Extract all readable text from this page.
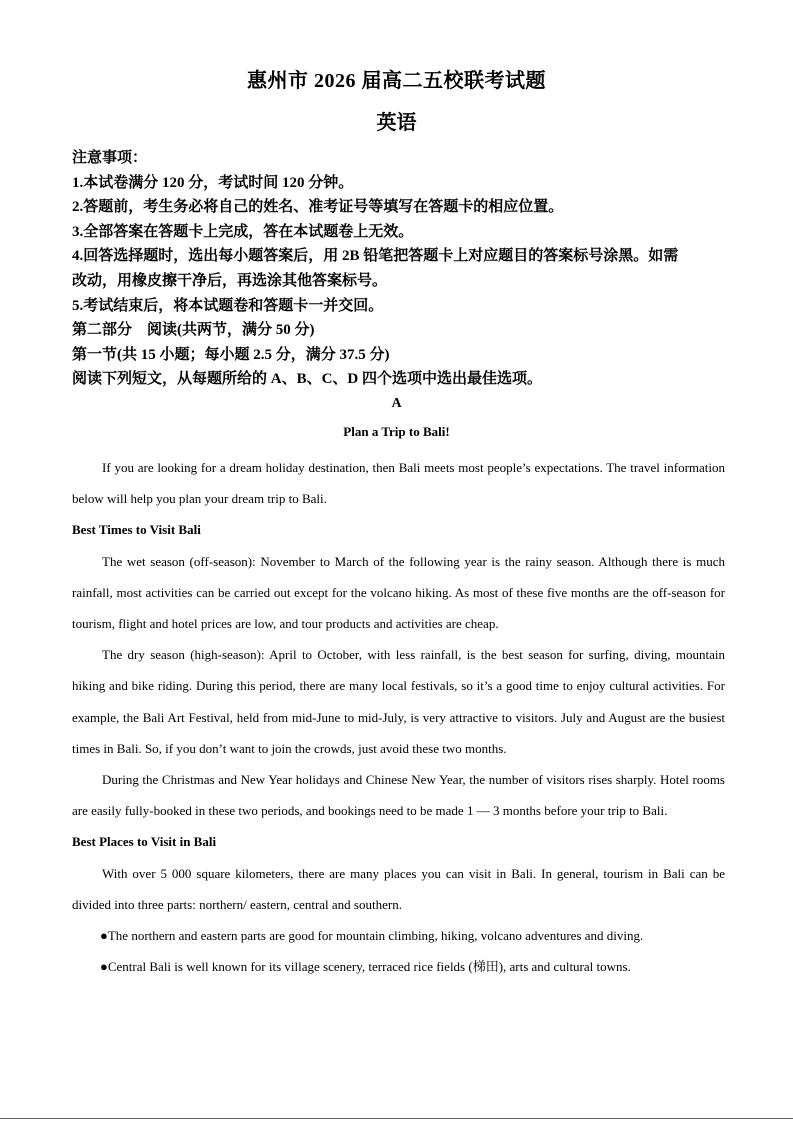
惠州市 2026 届高二五校联考试题
英语
注意事项：
1.本试卷满分 120 分，考试时间 120 分钟。
2.答题前，考生务必将自己的姓名、准考证号等填写在答题卡的相应位置。
3.全部答案在答题卡上完成，答在本试题卷上无效。
4.回答选择题时，选出每小题答案后，用 2B 铅笔把答题卡上对应题目的答案标号涂黑。如需
改动，用橡皮擦干净后，再选涂其他答案标号。
5.考试结束后，将本试题卷和答题卡一并交回。
第二部分　阅读(共两节，满分 50 分)
第一节(共 15 小题；每小题 2.5 分，满分 37.5 分)
阅读下列短文，从每题所给的 A、B、C、D 四个选项中选出最佳选项。
A
Plan a Trip to Bali!

If you are looking for a dream holiday destination, then Bali meets most people’s expectations. The travel information below will help you plan your dream trip to Bali.

Best Times to Visit Bali

The wet season (off-season): November to March of the following year is the rainy season. Although there is much rainfall, most activities can be carried out except for the volcano hiking. As most of these five months are the off-season for tourism, flight and hotel prices are low, and tour products and activities are cheap.

The dry season (high-season): April to October, with less rainfall, is the best season for surfing, diving, mountain hiking and bike riding. During this period, there are many local festivals, so it’s a good time to enjoy cultural activities. For example, the Bali Art Festival, held from mid-June to mid-July, is very attractive to visitors. July and August are the busiest times in Bali. So, if you don’t want to join the crowds, just avoid these two months.

During the Christmas and New Year holidays and Chinese New Year, the number of visitors rises sharply. Hotel rooms are easily fully-booked in these two periods, and bookings need to be made 1 — 3 months before your trip to Bali.

Best Places to Visit in Bali

With over 5 000 square kilometers, there are many places you can visit in Bali. In general, tourism in Bali can be divided into three parts: northern/ eastern, central and southern.

●The northern and eastern parts are good for mountain climbing, hiking, volcano adventures and diving.

●Central Bali is well known for its village scenery, terraced rice fields (梯田), arts and cultural towns.
